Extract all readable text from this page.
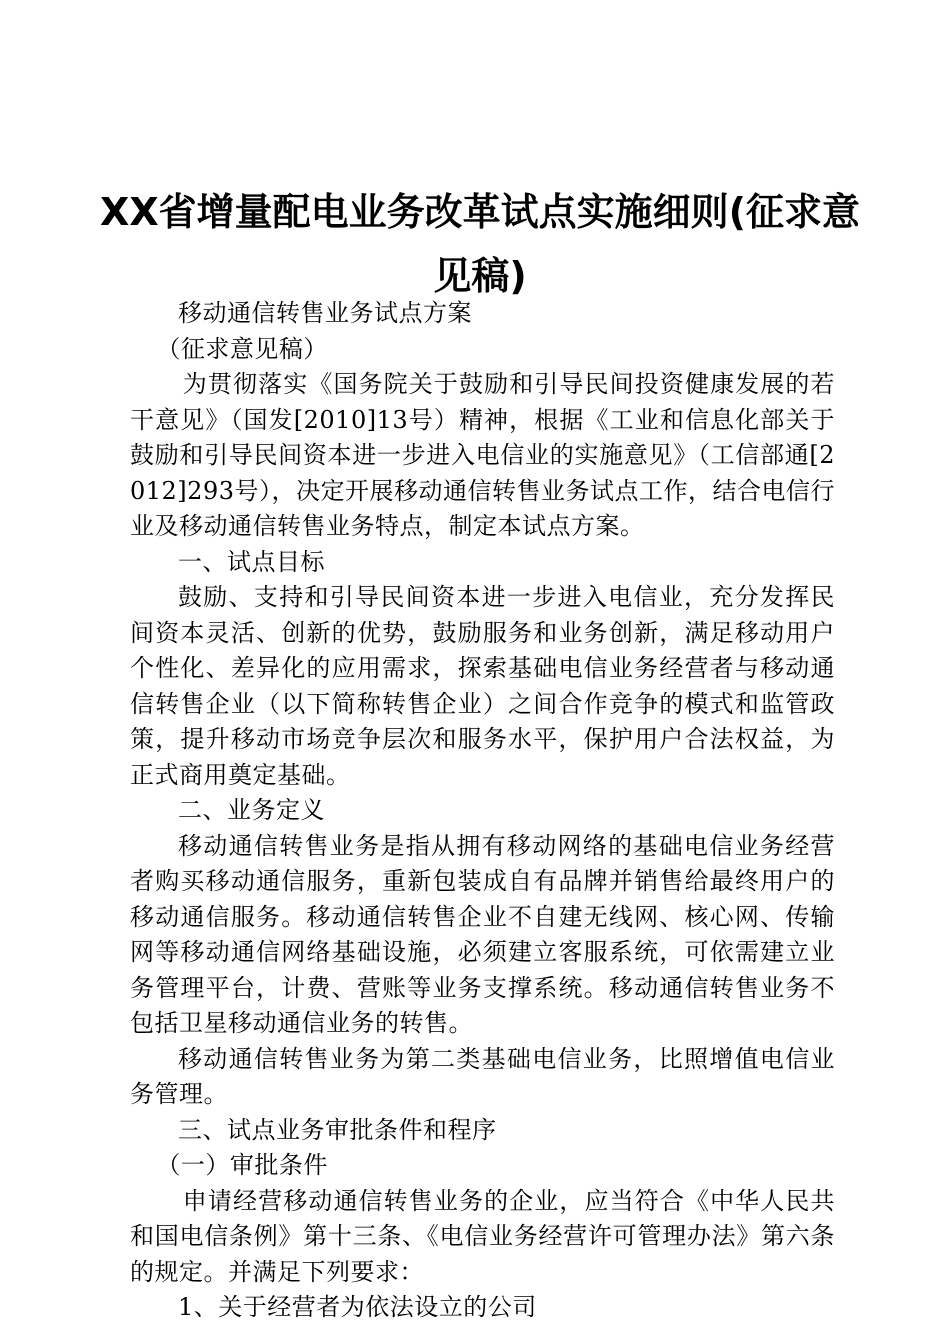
XX省增量配电业务改革试点实施细则(征求意见稿)

移动通信转售业务试点方案

（征求意见稿）

为贯彻落实《国务院关于鼓励和引导民间投资健康发展的若干意见》（国发[2010]13号）精神，根据《工业和信息化部关于鼓励和引导民间资本进一步进入电信业的实施意见》（工信部通[2012]293号），决定开展移动通信转售业务试点工作，结合电信行业及移动通信转售业务特点，制定本试点方案。

一、试点目标

鼓励、支持和引导民间资本进一步进入电信业，充分发挥民间资本灵活、创新的优势，鼓励服务和业务创新，满足移动用户个性化、差异化的应用需求，探索基础电信业务经营者与移动通信转售企业（以下简称转售企业）之间合作竞争的模式和监管政策，提升移动市场竞争层次和服务水平，保护用户合法权益，为正式商用奠定基础。

二、业务定义

移动通信转售业务是指从拥有移动网络的基础电信业务经营者购买移动通信服务，重新包装成自有品牌并销售给最终用户的移动通信服务。移动通信转售企业不自建无线网、核心网、传输网等移动通信网络基础设施，必须建立客服系统，可依需建立业务管理平台，计费、营账等业务支撑系统。移动通信转售业务不包括卫星移动通信业务的转售。

移动通信转售业务为第二类基础电信业务，比照增值电信业务管理。

三、试点业务审批条件和程序

（一）审批条件

申请经营移动通信转售业务的企业，应当符合《中华人民共和国电信条例》第十三条、《电信业务经营许可管理办法》第六条的规定。并满足下列要求：

1、关于经营者为依法设立的公司
